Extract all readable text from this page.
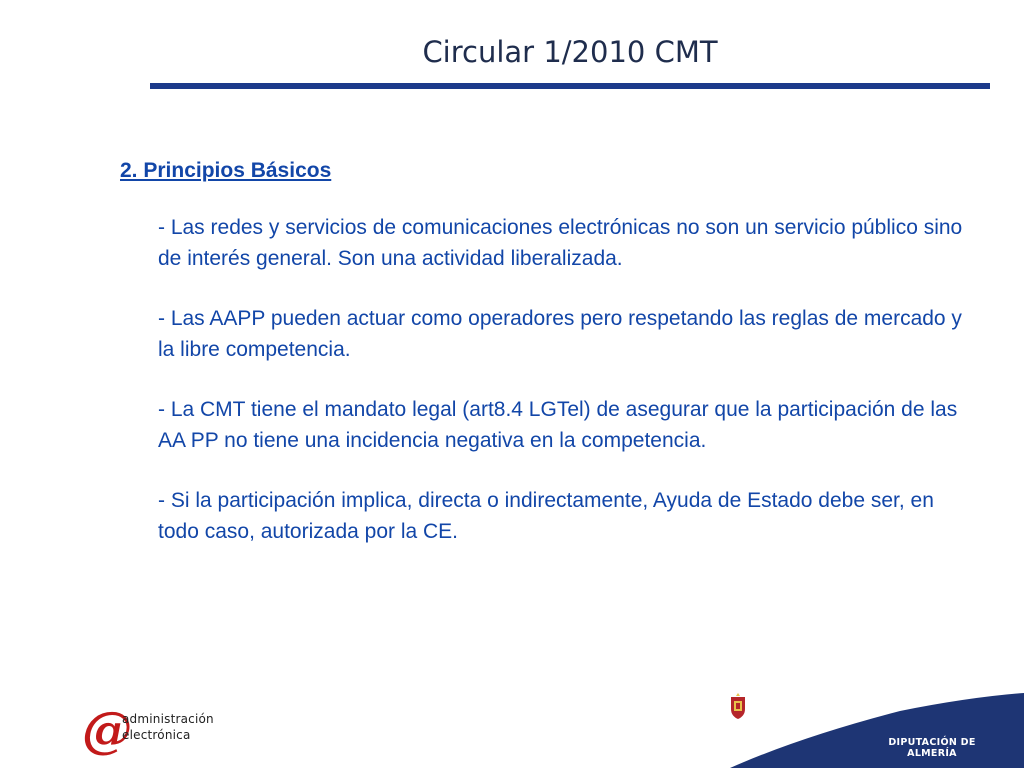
Circular 1/2010 CMT
2. Principios Básicos
- Las redes y servicios de comunicaciones electrónicas no son un servicio público sino de interés general. Son una actividad liberalizada.
- Las AAPP pueden actuar como operadores pero respetando las reglas de mercado y la libre competencia.
- La CMT tiene el mandato legal (art8.4 LGTel) de asegurar que la participación de las AA PP no tiene una incidencia negativa en la competencia.
- Si la participación implica, directa o indirectamente, Ayuda de Estado debe ser, en todo caso, autorizada por la CE.
@
administración
electrónica
DIPUTACIÓN DE ALMERÍA
